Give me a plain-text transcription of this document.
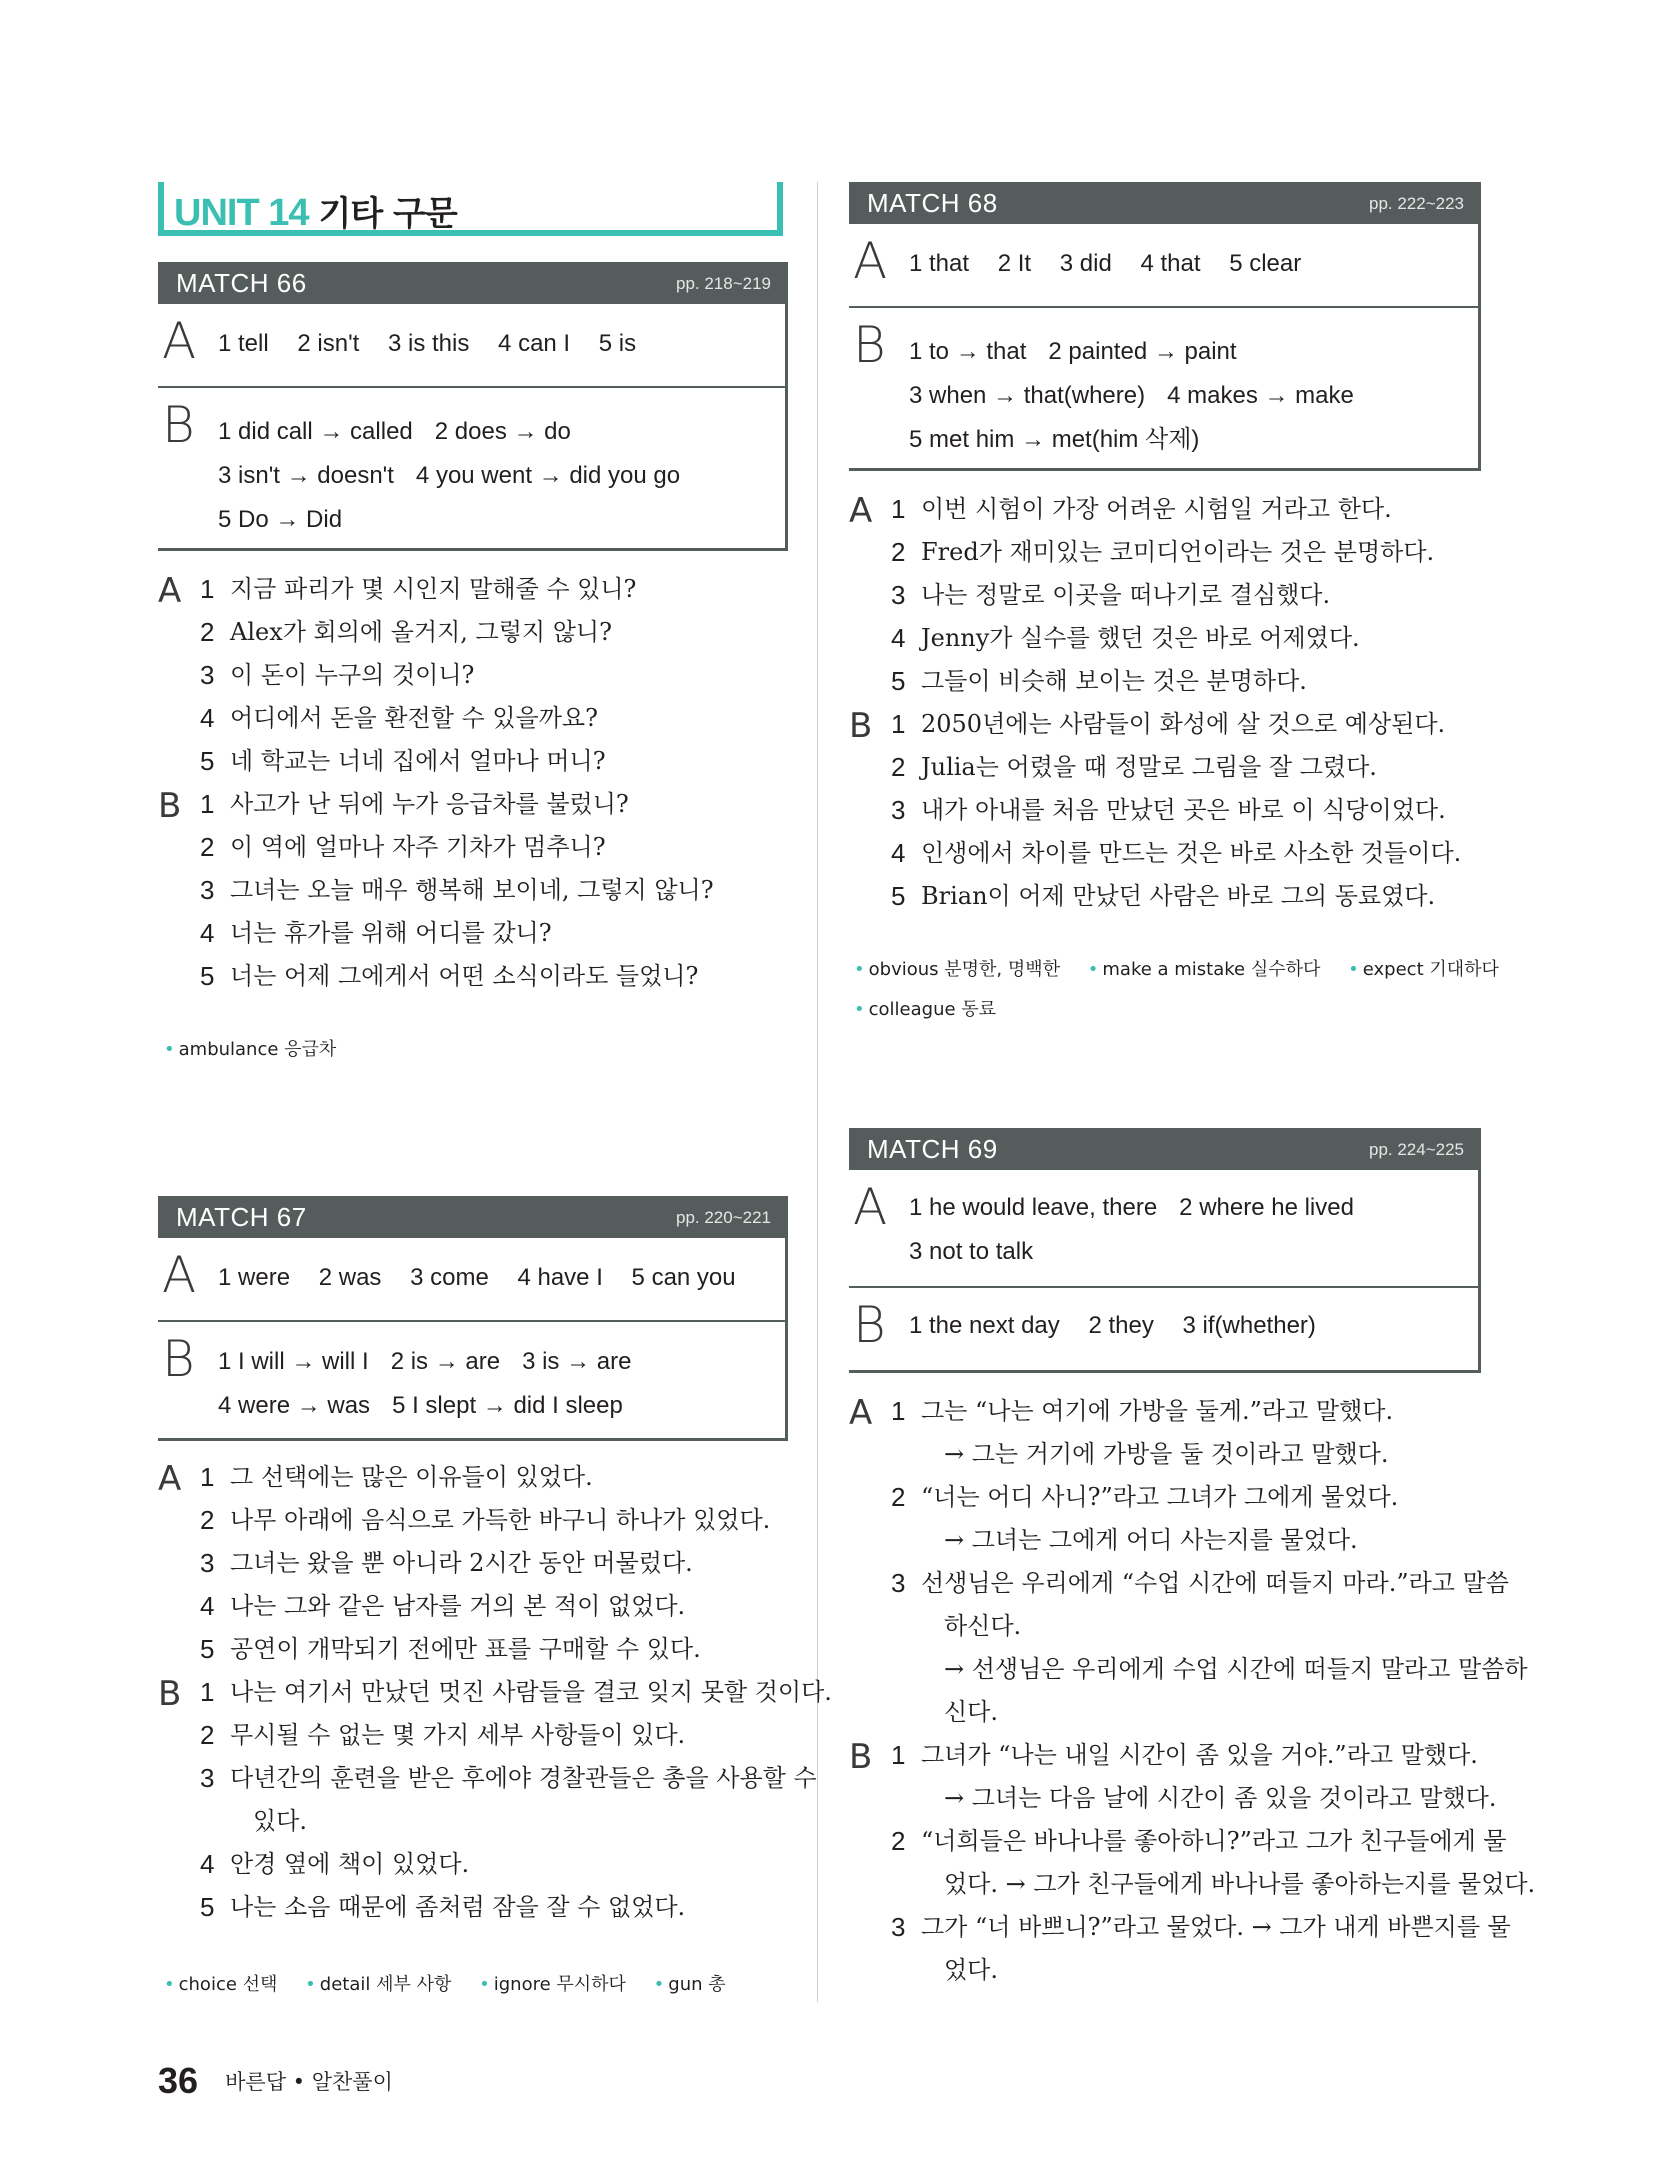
UNIT 14 기타 구문
MATCH 66	pp. 218~219
A 1 tell 2 isn't 3 is this 4 can I 5 is
B 1 did call → called 2 does → do
3 isn't → doesn't 4 you went → did you go
5 Do → Did
A 1 지금 파리가 몇 시인지 말해줄 수 있니?
2 Alex가 회의에 올거지, 그렇지 않니?
3 이 돈이 누구의 것이니?
4 어디에서 돈을 환전할 수 있을까요?
5 네 학교는 너네 집에서 얼마나 머니?
B 1 사고가 난 뒤에 누가 응급차를 불렀니?
2 이 역에 얼마나 자주 기차가 멈추니?
3 그녀는 오늘 매우 행복해 보이네, 그렇지 않니?
4 너는 휴가를 위해 어디를 갔니?
5 너는 어제 그에게서 어떤 소식이라도 들었니?
• ambulance 응급차
MATCH 67	pp. 220~221
A 1 were 2 was 3 come 4 have I 5 can you
B 1 I will → will I 2 is → are 3 is → are
4 were → was 5 I slept → did I sleep
A 1 그 선택에는 많은 이유들이 있었다.
2 나무 아래에 음식으로 가득한 바구니 하나가 있었다.
3 그녀는 왔을 뿐 아니라 2시간 동안 머물렀다.
4 나는 그와 같은 남자를 거의 본 적이 없었다.
5 공연이 개막되기 전에만 표를 구매할 수 있다.
B 1 나는 여기서 만났던 멋진 사람들을 결코 잊지 못할 것이다.
2 무시될 수 없는 몇 가지 세부 사항들이 있다.
3 다년간의 훈련을 받은 후에야 경찰관들은 총을 사용할 수
있다.
4 안경 옆에 책이 있었다.
5 나는 소음 때문에 좀처럼 잠을 잘 수 없었다.
• choice 선택 • detail 세부 사항 • ignore 무시하다 • gun 총
MATCH 68	pp. 222~223
A 1 that 2 It 3 did 4 that 5 clear
B 1 to → that 2 painted → paint
3 when → that(where) 4 makes → make
5 met him → met(him 삭제)
A 1 이번 시험이 가장 어려운 시험일 거라고 한다.
2 Fred가 재미있는 코미디언이라는 것은 분명하다.
3 나는 정말로 이곳을 떠나기로 결심했다.
4 Jenny가 실수를 했던 것은 바로 어제였다.
5 그들이 비슷해 보이는 것은 분명하다.
B 1 2050년에는 사람들이 화성에 살 것으로 예상된다.
2 Julia는 어렸을 때 정말로 그림을 잘 그렸다.
3 내가 아내를 처음 만났던 곳은 바로 이 식당이었다.
4 인생에서 차이를 만드는 것은 바로 사소한 것들이다.
5 Brian이 어제 만났던 사람은 바로 그의 동료였다.
• obvious 분명한, 명백한 • make a mistake 실수하다 • expect 기대하다
• colleague 동료
MATCH 69	pp. 224~225
A 1 he would leave, there 2 where he lived
3 not to talk
B 1 the next day 2 they 3 if(whether)
A 1 그는 “나는 여기에 가방을 둘게.”라고 말했다.
→ 그는 거기에 가방을 둘 것이라고 말했다.
2 “너는 어디 사니?”라고 그녀가 그에게 물었다.
→ 그녀는 그에게 어디 사는지를 물었다.
3 선생님은 우리에게 “수업 시간에 떠들지 마라.”라고 말씀
하신다.
→ 선생님은 우리에게 수업 시간에 떠들지 말라고 말씀하
신다.
B 1 그녀가 “나는 내일 시간이 좀 있을 거야.”라고 말했다.
→ 그녀는 다음 날에 시간이 좀 있을 것이라고 말했다.
2 “너희들은 바나나를 좋아하니?”라고 그가 친구들에게 물
었다. → 그가 친구들에게 바나나를 좋아하는지를 물었다.
3 그가 “너 바쁘니?”라고 물었다. → 그가 내게 바쁜지를 물
었다.
36 바른답 • 알찬풀이
